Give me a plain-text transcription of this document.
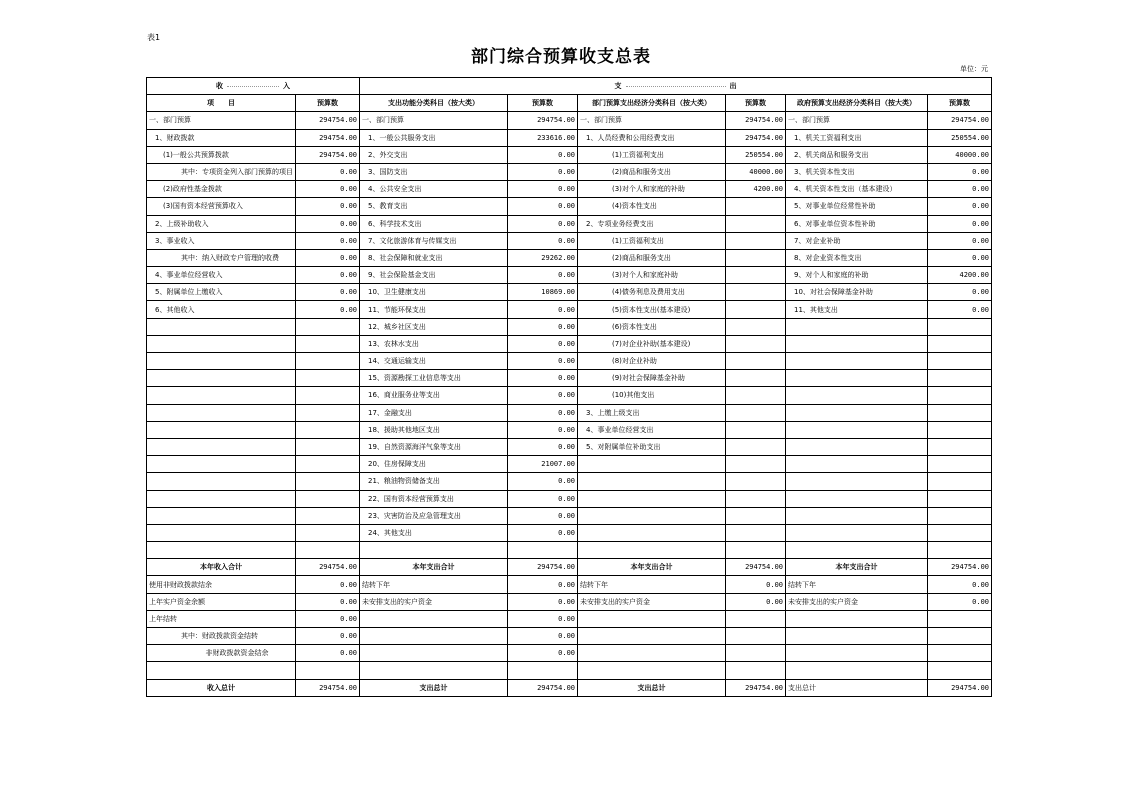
表1
部门综合预算收支总表
单位：元
收 入		支 出					
项　　目	预算数	支出功能分类科目（按大类）	预算数	部门预算支出经济分类科目（按大类）	预算数	政府预算支出经济分类科目（按大类）	预算数
一、部门预算	294754.00	一、部门预算	294754.00	一、部门预算	294754.00	一、部门预算	294754.00
1、财政拨款	294754.00	1、一般公共服务支出	233616.00	1、人员经费和公用经费支出	294754.00	1、机关工资福利支出	250554.00
(1)一般公共预算拨款	294754.00	2、外交支出	0.00	(1)工资福利支出	250554.00	2、机关商品和服务支出	40000.00
其中：专项资金列入部门预算的项目	0.00	3、国防支出	0.00	(2)商品和服务支出	40000.00	3、机关资本性支出	0.00
(2)政府性基金拨款	0.00	4、公共安全支出	0.00	(3)对个人和家庭的补助	4200.00	4、机关资本性支出（基本建设）	0.00
(3)国有资本经营预算收入	0.00	5、教育支出	0.00	(4)资本性支出		5、对事业单位经常性补助	0.00
2、上级补助收入	0.00	6、科学技术支出	0.00	2、专项业务经费支出		6、对事业单位资本性补助	0.00
3、事业收入	0.00	7、文化旅游体育与传媒支出	0.00	(1)工资福利支出		7、对企业补助	0.00
其中：纳入财政专户管理的收费	0.00	8、社会保障和就业支出	29262.00	(2)商品和服务支出		8、对企业资本性支出	0.00
4、事业单位经营收入	0.00	9、社会保险基金支出	0.00	(3)对个人和家庭补助		9、对个人和家庭的补助	4200.00
5、附属单位上缴收入	0.00	10、卫生健康支出	10869.00	(4)债务利息及费用支出		10、对社会保障基金补助	0.00
6、其他收入	0.00	11、节能环保支出	0.00	(5)资本性支出(基本建设)		11、其他支出	0.00
		12、城乡社区支出	0.00	(6)资本性支出			
		13、农林水支出	0.00	(7)对企业补助(基本建设)			
		14、交通运输支出	0.00	(8)对企业补助			
		15、资源勘探工业信息等支出	0.00	(9)对社会保障基金补助			
		16、商业服务业等支出	0.00	(10)其他支出			
		17、金融支出	0.00	3、上缴上级支出			
		18、援助其他地区支出	0.00	4、事业单位经营支出			
		19、自然资源海洋气象等支出	0.00	5、对附属单位补助支出			
		20、住房保障支出	21007.00				
		21、粮油物资储备支出	0.00				
		22、国有资本经营预算支出	0.00				
		23、灾害防治及应急管理支出	0.00				
		24、其他支出	0.00				

本年收入合计	294754.00	本年支出合计	294754.00	本年支出合计	294754.00	本年支出合计	294754.00
使用非财政拨款结余	0.00	结转下年	0.00	结转下年	0.00	结转下年	0.00
上年实户资金余额	0.00	未安排支出的实户资金	0.00	未安排支出的实户资金	0.00	未安排支出的实户资金	0.00
上年结转	0.00		0.00				
其中：财政拨款资金结转	0.00		0.00				
非财政拨款资金结余	0.00		0.00				

收入总计	294754.00	支出总计	294754.00	支出总计	294754.00	支出总计	294754.00
